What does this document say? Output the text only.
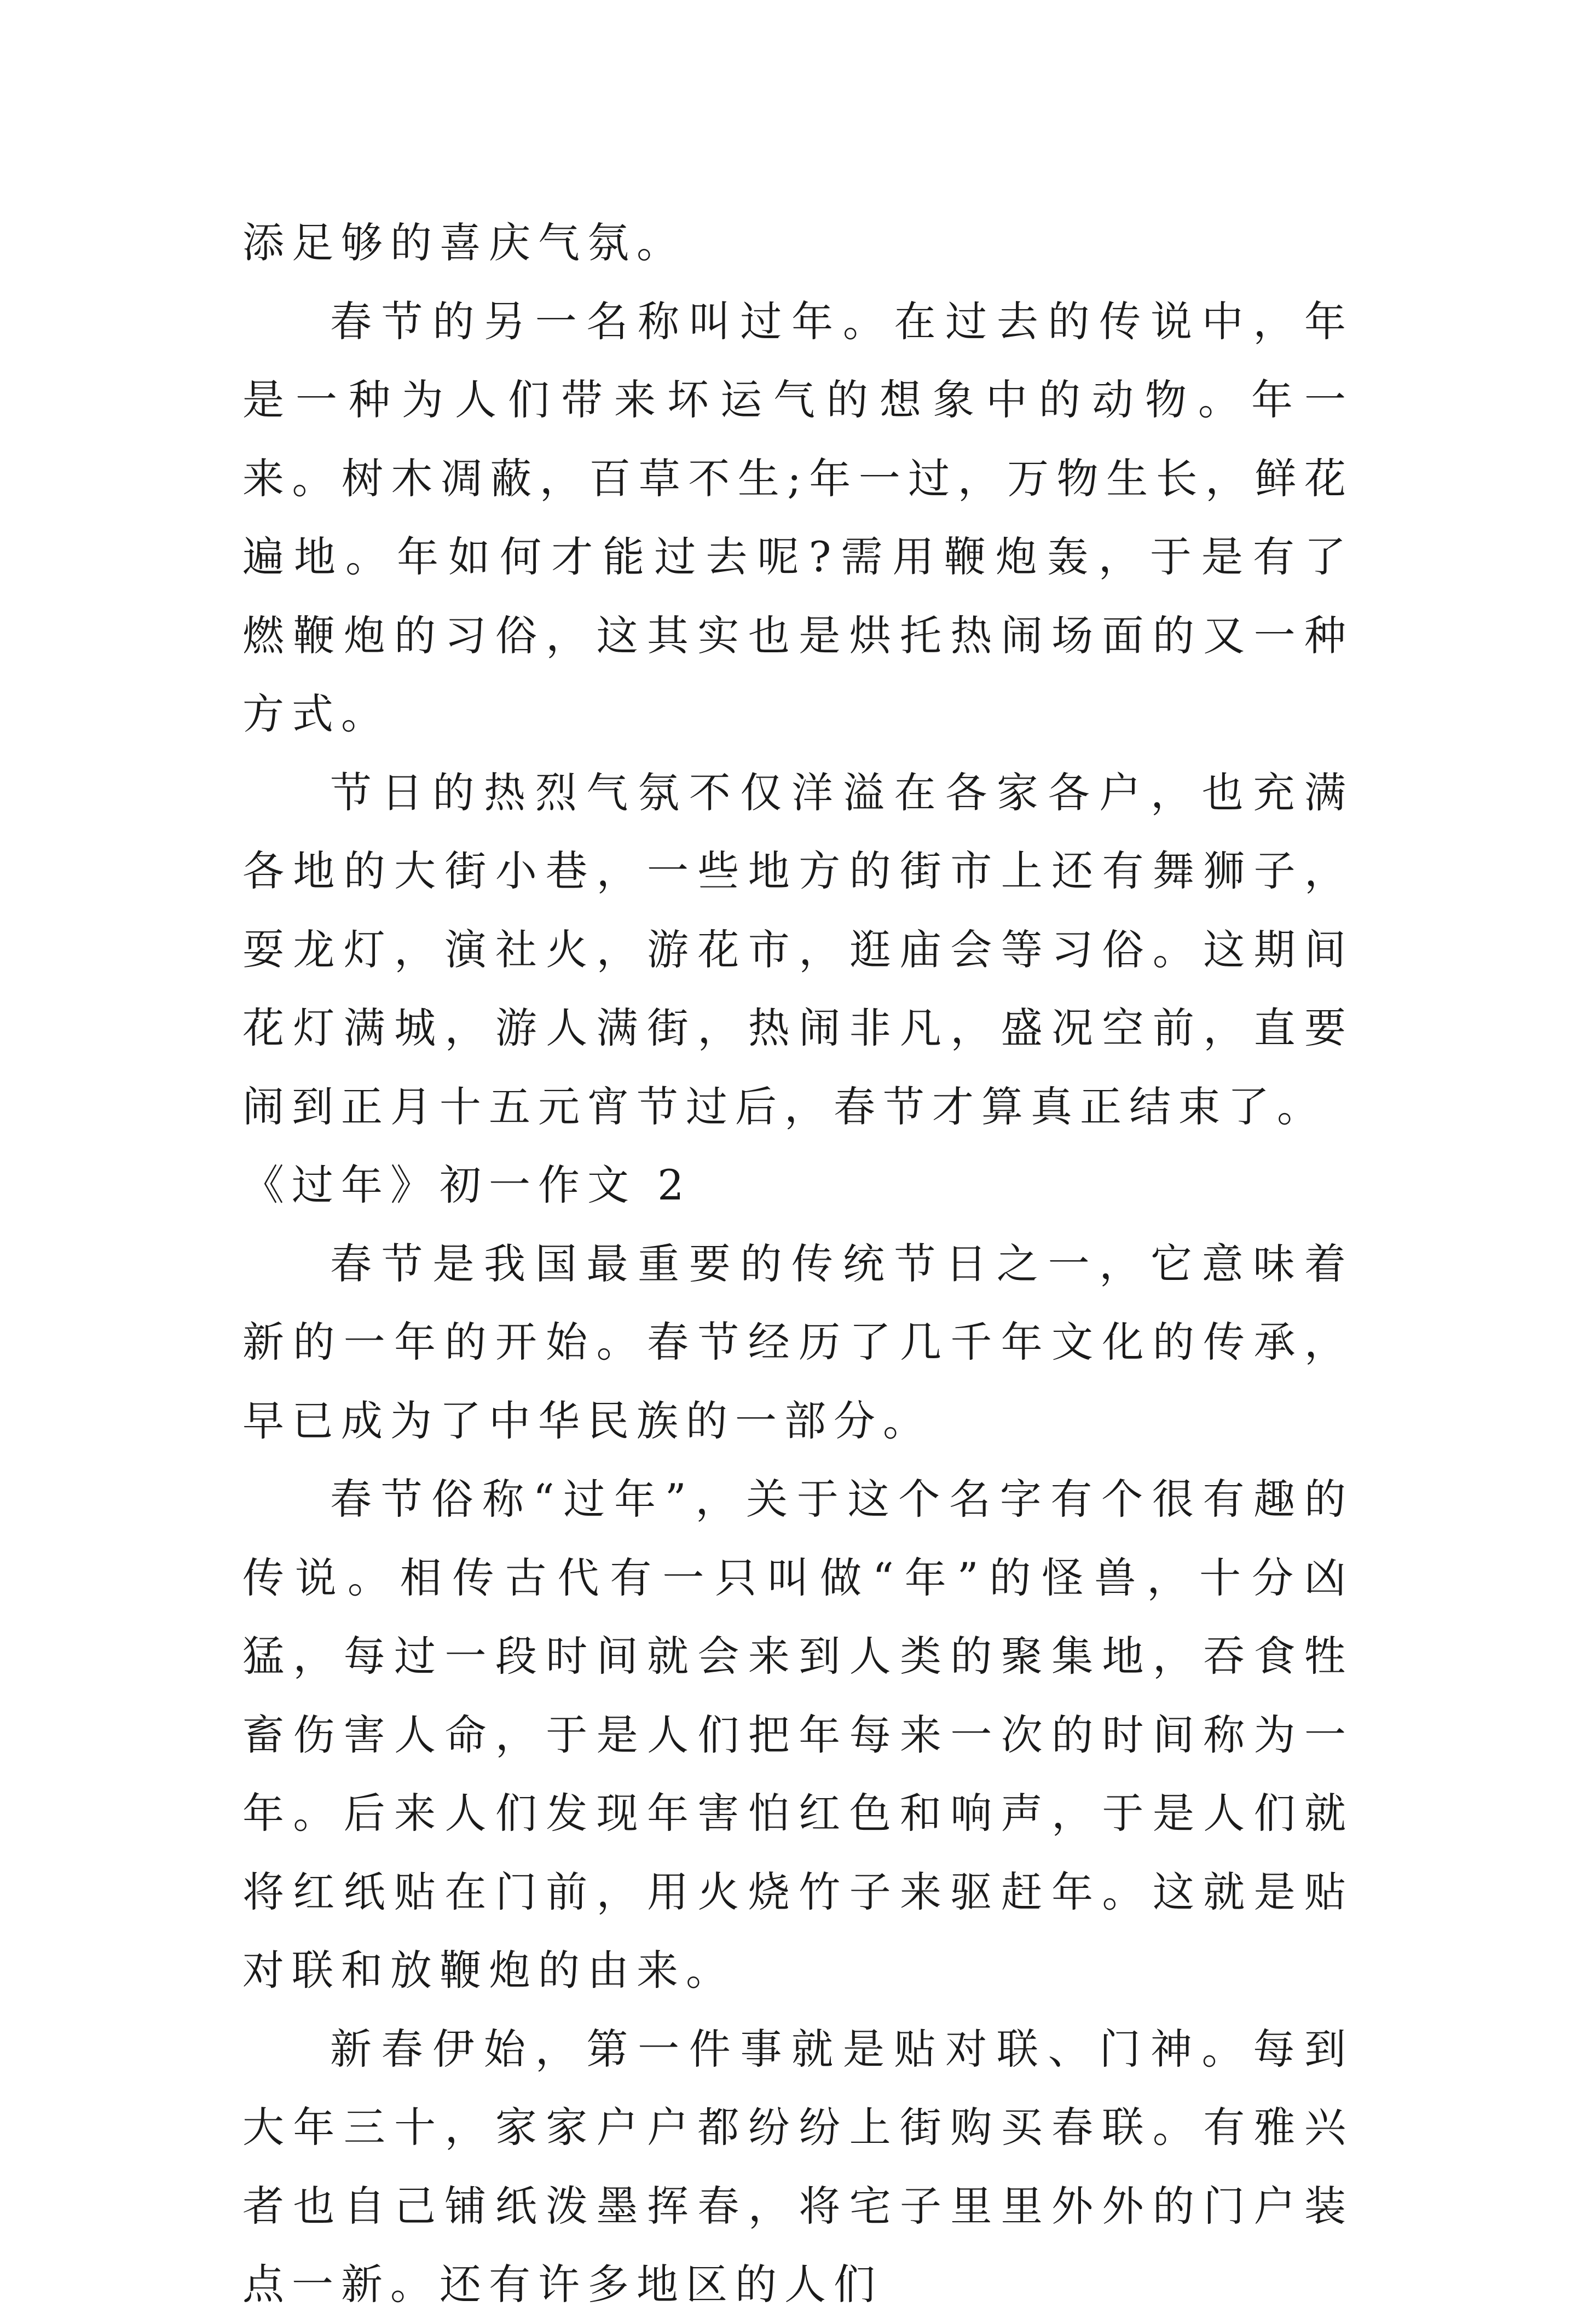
添足够的喜庆气氛。

春节的另一名称叫过年。在过去的传说中，年是一种为人们带来坏运气的想象中的动物。年一来。树木凋蔽，百草不生;年一过，万物生长，鲜花遍地。年如何才能过去呢?需用鞭炮轰，于是有了燃鞭炮的习俗，这其实也是烘托热闹场面的又一种方式。

节日的热烈气氛不仅洋溢在各家各户，也充满各地的大街小巷，一些地方的街市上还有舞狮子，耍龙灯，演社火，游花市，逛庙会等习俗。这期间花灯满城，游人满街，热闹非凡，盛况空前，直要闹到正月十五元宵节过后，春节才算真正结束了。

《过年》初一作文 2

春节是我国最重要的传统节日之一，它意味着新的一年的开始。春节经历了几千年文化的传承，早已成为了中华民族的一部分。

春节俗称“过年”，关于这个名字有个很有趣的传说。相传古代有一只叫做“年”的怪兽，十分凶猛，每过一段时间就会来到人类的聚集地，吞食牲畜伤害人命，于是人们把年每来一次的时间称为一年。后来人们发现年害怕红色和响声，于是人们就将红纸贴在门前，用火烧竹子来驱赶年。这就是贴对联和放鞭炮的由来。

新春伊始，第一件事就是贴对联、门神。每到大年三十，家家户户都纷纷上街购买春联。有雅兴者也自己铺纸泼墨挥春，将宅子里里外外的门户装点一新。还有许多地区的人们
